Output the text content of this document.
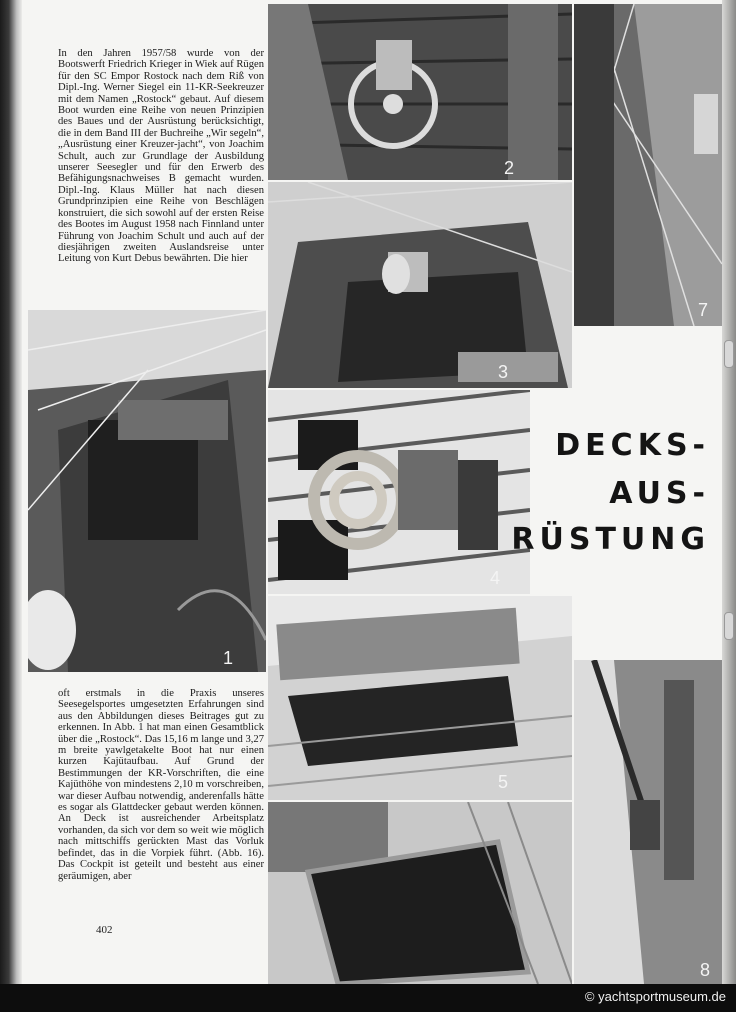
In den Jahren 1957/58 wurde von der Bootswerft Friedrich Krieger in Wiek auf Rügen für den SC Empor Rostock nach dem Riß von Dipl.-Ing. Werner Siegel ein 11-KR-Seekreuzer mit dem Namen „Rostock“ gebaut. Auf diesem Boot wurden eine Reihe von neuen Prinzipien des Baues und der Ausrüstung berücksichtigt, die in dem Band III der Buchreihe „Wir segeln“, „Ausrüstung einer Kreuzer-jacht“, von Joachim Schult, auch zur Grundlage der Ausbildung unserer Seesegler und für den Erwerb des Befähigungsnachweises B gemacht wurden. Dipl.-Ing. Klaus Müller hat nach diesen Grundprinzipien eine Reihe von Beschlägen konstruiert, die sich sowohl auf der ersten Reise des Bootes im August 1958 nach Finnland unter Führung von Joachim Schult und auch auf der diesjährigen zweiten Auslandsreise unter Leitung von Kurt Debus bewährten. Die hier
1
oft erstmals in die Praxis unseres Seesegelsportes umgesetzten Erfahrungen sind aus den Abbildungen dieses Beitrages gut zu erkennen. In Abb. 1 hat man einen Gesamtblick über die „Rostock“. Das 15,16 m lange und 3,27 m breite yawlgetakelte Boot hat nur einen kurzen Kajütaufbau. Auf Grund der Bestimmungen der KR-Vorschriften, die eine Kajüthöhe von mindestens 2,10 m vorschreiben, war dieser Aufbau notwendig, anderenfalls hätte es sogar als Glattdecker gebaut werden können. An Deck ist ausreichender Arbeitsplatz vorhanden, da sich vor dem so weit wie möglich nach mittschiffs gerückten Mast das Vorluk befindet, das in die Vorpiek führt. (Abb. 16). Das Cockpit ist geteilt und besteht aus einer geräumigen, aber
402
2
3
4
5
7
DECKS-
AUS-
RÜSTUNG
8
© yachtsportmuseum.de
